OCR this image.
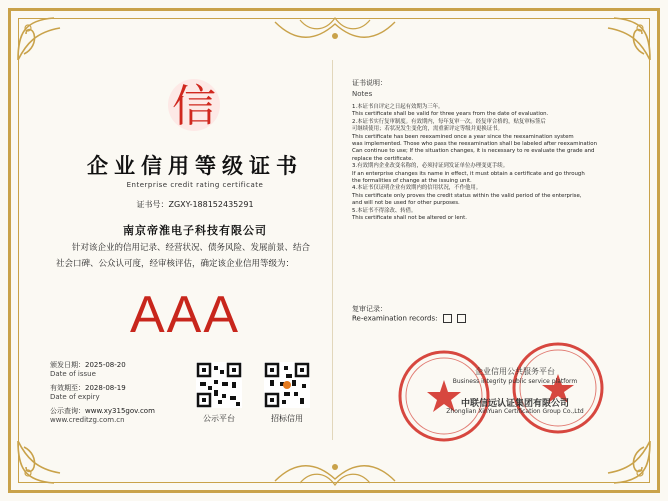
信
企业信用等级证书
Enterprise credit rating certificate
证书号：ZGXY-188152435291
南京帝淮电子科技有限公司
针对该企业的信用记录、经营状况、债务风险、发展前景、结合社会口碑、公众认可度，经审核评估，确定该企业信用等级为：
AAA
颁发日期：2025-08-20
Date of issue
有效期至：2028-08-19
Date of expiry
公示查询：www.xy315gov.com
www.creditzg.com.cn	公示平台	招标信用
证书说明：
Notes
1.本证书自评定之日起有效期为三年。
This certificate shall be valid for three years from the date of evaluation.
2.本证书实行复审制度。有效期内，每年复审一次。经复审合格的，贴复审标签后
可继续使用；若状况发生变化的，需重新评定等级并更换证书。
This certificate has been reexamined once a year since the reexamination system
was implemented. Those who pass the reexamination shall be labeled after reexamination
Can continue to use; If the situation changes, it is necessary to re evaluate the grade and
replace the certificate.
3.有效期内企业改变名称的，必须持证到发证单位办理变更手续。
If an enterprise changes its name in effect, it must obtain a certificate and go through
the formalities of change at the issuing unit.
4.本证书仅证明企业有效期内的信用状况，不作他用。
This certificate only proves the credit status within the valid period of the enterprise,
and will not be used for other purposes.
5.本证书不得涂改、转借。
This certificate shall not be altered or lent.
复审记录：
Re-examination records:
企业信用公共服务平台
Business integrity public service platform
中联信远认证集团有限公司
Zhonglian XinYuan Certification Group Co.,Ltd
